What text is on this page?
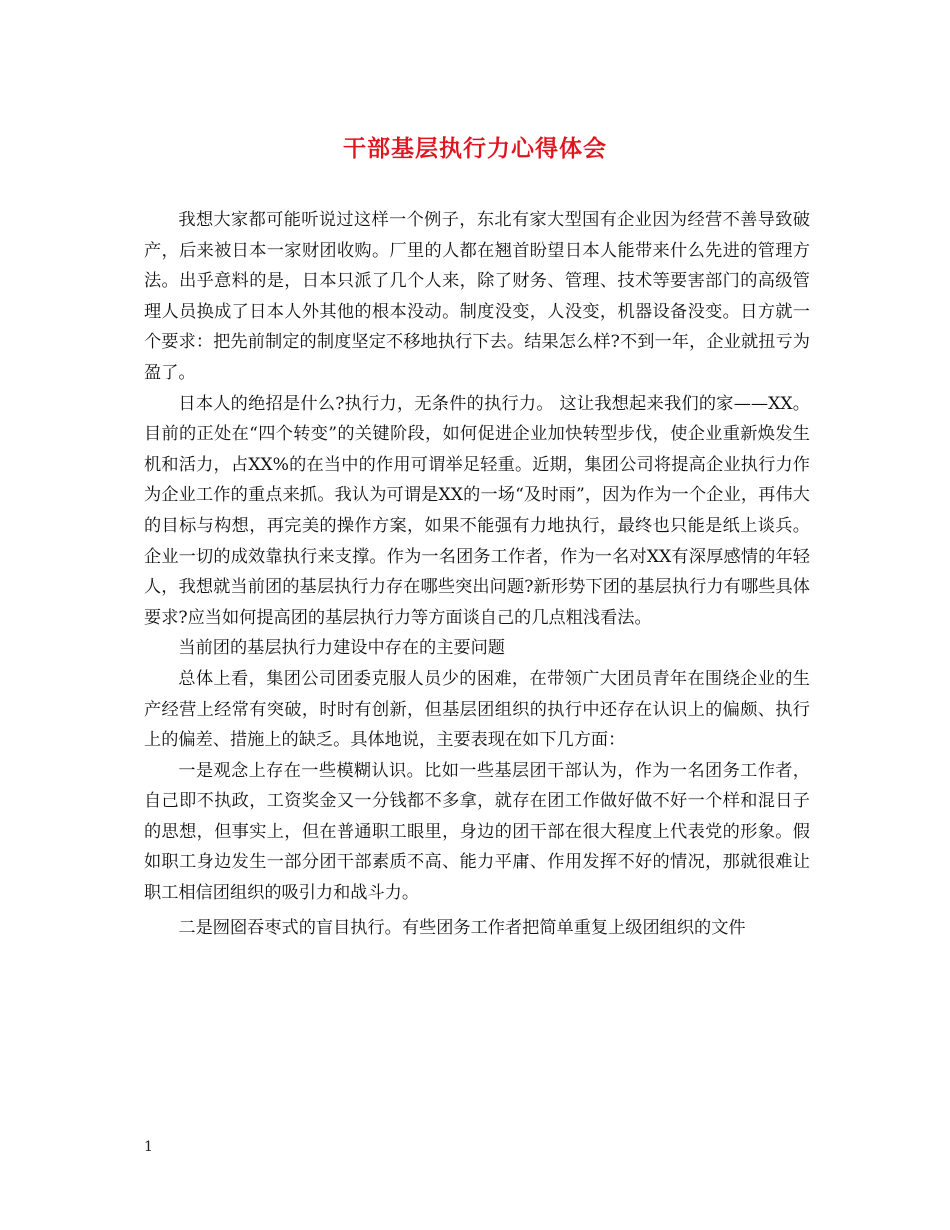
干部基层执行力心得体会

我想大家都可能听说过这样一个例子，东北有家大型国有企业因为经营不善导致破产，后来被日本一家财团收购。厂里的人都在翘首盼望日本人能带来什么先进的管理方法。出乎意料的是，日本只派了几个人来，除了财务、管理、技术等要害部门的高级管理人员换成了日本人外其他的根本没动。制度没变，人没变，机器设备没变。日方就一个要求：把先前制定的制度坚定不移地执行下去。结果怎么样?不到一年，企业就扭亏为盈了。

日本人的绝招是什么?执行力，无条件的执行力。 这让我想起来我们的家——XX。目前的正处在“四个转变”的关键阶段，如何促进企业加快转型步伐，使企业重新焕发生机和活力，占XX%的在当中的作用可谓举足轻重。近期，集团公司将提高企业执行力作为企业工作的重点来抓。我认为可谓是XX的一场“及时雨”，因为作为一个企业，再伟大的目标与构想，再完美的操作方案，如果不能强有力地执行，最终也只能是纸上谈兵。企业一切的成效靠执行来支撑。作为一名团务工作者，作为一名对XX有深厚感情的年轻人，我想就当前团的基层执行力存在哪些突出问题?新形势下团的基层执行力有哪些具体要求?应当如何提高团的基层执行力等方面谈自己的几点粗浅看法。

当前团的基层执行力建设中存在的主要问题

总体上看，集团公司团委克服人员少的困难，在带领广大团员青年在围绕企业的生产经营上经常有突破，时时有创新，但基层团组织的执行中还存在认识上的偏颇、执行上的偏差、措施上的缺乏。具体地说，主要表现在如下几方面：

一是观念上存在一些模糊认识。比如一些基层团干部认为，作为一名团务工作者，自己即不执政，工资奖金又一分钱都不多拿，就存在团工作做好做不好一个样和混日子的思想，但事实上，但在普通职工眼里，身边的团干部在很大程度上代表党的形象。假如职工身边发生一部分团干部素质不高、能力平庸、作用发挥不好的情况，那就很难让职工相信团组织的吸引力和战斗力。

二是囫囵吞枣式的盲目执行。有些团务工作者把简单重复上级团组织的文件

1
